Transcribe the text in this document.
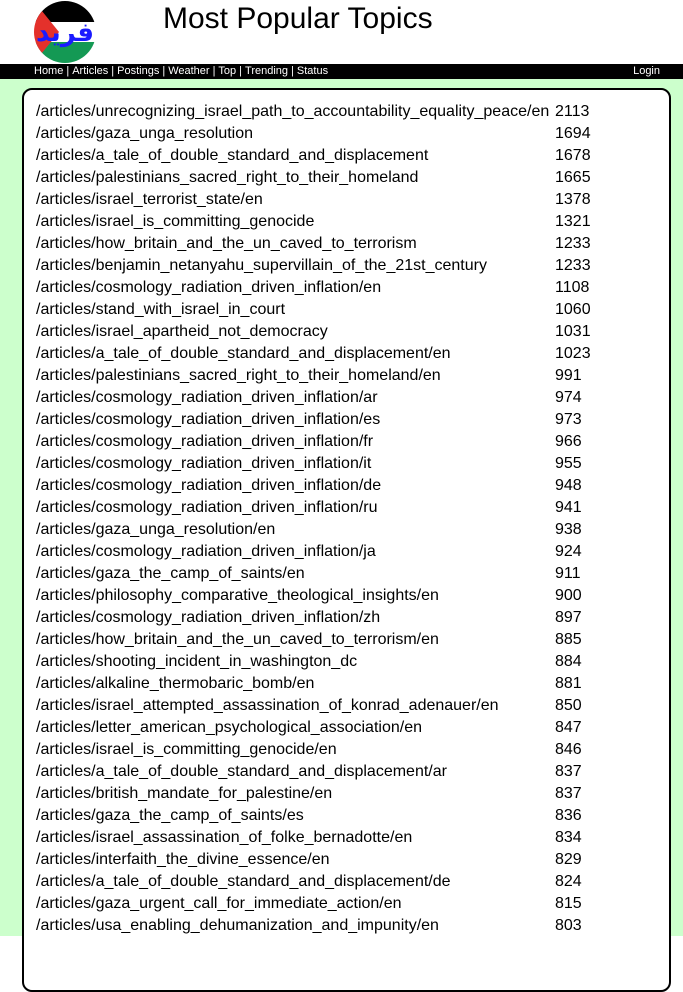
فريد Most Popular Topics
Home | Articles | Postings | Weather | Top | Trending | Status	Login
/articles/unrecognizing_israel_path_to_accountability_equality_peace/en	2113
/articles/gaza_unga_resolution	1694
/articles/a_tale_of_double_standard_and_displacement	1678
/articles/palestinians_sacred_right_to_their_homeland	1665
/articles/israel_terrorist_state/en	1378
/articles/israel_is_committing_genocide	1321
/articles/how_britain_and_the_un_caved_to_terrorism	1233
/articles/benjamin_netanyahu_supervillain_of_the_21st_century	1233
/articles/cosmology_radiation_driven_inflation/en	1108
/articles/stand_with_israel_in_court	1060
/articles/israel_apartheid_not_democracy	1031
/articles/a_tale_of_double_standard_and_displacement/en	1023
/articles/palestinians_sacred_right_to_their_homeland/en	991
/articles/cosmology_radiation_driven_inflation/ar	974
/articles/cosmology_radiation_driven_inflation/es	973
/articles/cosmology_radiation_driven_inflation/fr	966
/articles/cosmology_radiation_driven_inflation/it	955
/articles/cosmology_radiation_driven_inflation/de	948
/articles/cosmology_radiation_driven_inflation/ru	941
/articles/gaza_unga_resolution/en	938
/articles/cosmology_radiation_driven_inflation/ja	924
/articles/gaza_the_camp_of_saints/en	911
/articles/philosophy_comparative_theological_insights/en	900
/articles/cosmology_radiation_driven_inflation/zh	897
/articles/how_britain_and_the_un_caved_to_terrorism/en	885
/articles/shooting_incident_in_washington_dc	884
/articles/alkaline_thermobaric_bomb/en	881
/articles/israel_attempted_assassination_of_konrad_adenauer/en	850
/articles/letter_american_psychological_association/en	847
/articles/israel_is_committing_genocide/en	846
/articles/a_tale_of_double_standard_and_displacement/ar	837
/articles/british_mandate_for_palestine/en	837
/articles/gaza_the_camp_of_saints/es	836
/articles/israel_assassination_of_folke_bernadotte/en	834
/articles/interfaith_the_divine_essence/en	829
/articles/a_tale_of_double_standard_and_displacement/de	824
/articles/gaza_urgent_call_for_immediate_action/en	815
/articles/usa_enabling_dehumanization_and_impunity/en	803
